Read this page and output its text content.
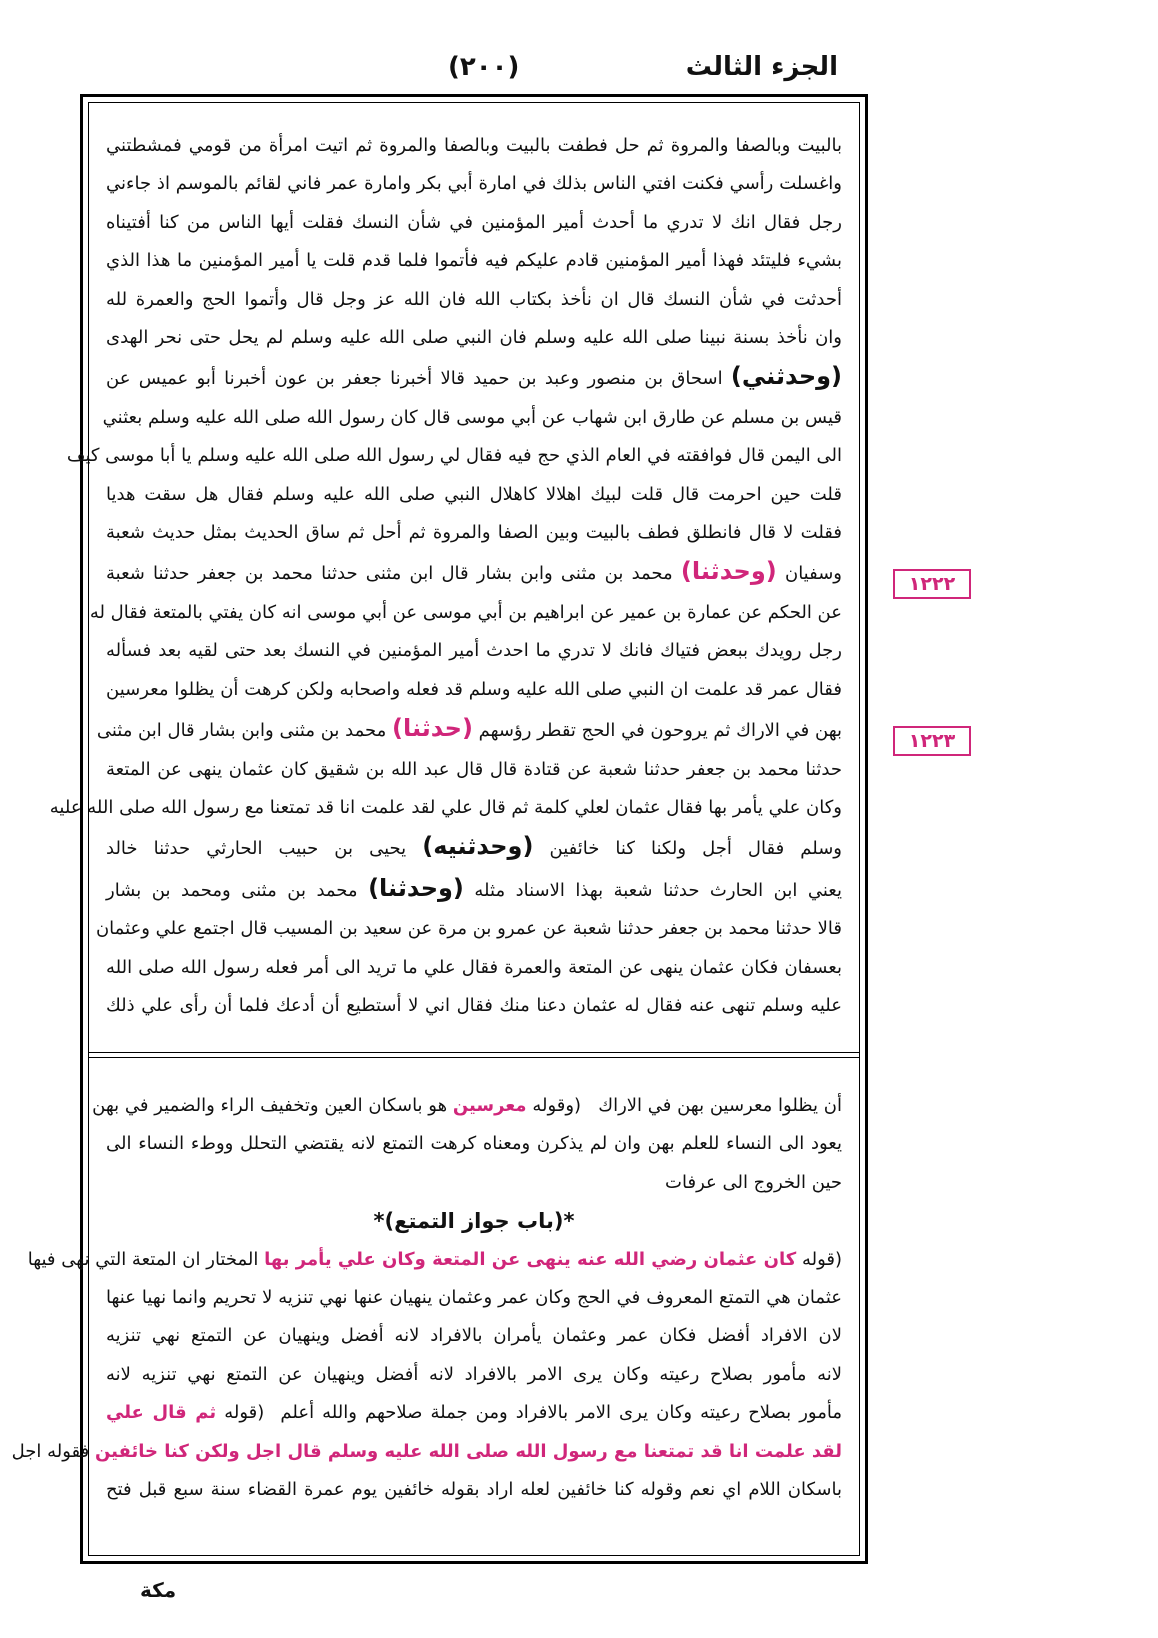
الجزء الثالث
(٢٠٠)
١٢٢٢
١٢٢٣
بالبيت وبالصفا والمروة ثم حل فطفت بالبيت وبالصفا والمروة ثم اتيت امرأة من قومي فمشطتني
واغسلت رأسي فكنت افتي الناس بذلك في امارة أبي بكر وامارة عمر فاني لقائم بالموسم اذ جاءني
رجل فقال انك لا تدري ما أحدث أمير المؤمنين في شأن النسك فقلت أيها الناس من كنا أفتيناه
بشيء فليتئد فهذا أمير المؤمنين قادم عليكم فيه فأتموا فلما قدم قلت يا أمير المؤمنين ما هذا الذي
أحدثت في شأن النسك قال ان نأخذ بكتاب الله فان الله عز وجل قال وأتموا الحج والعمرة لله
وان نأخذ بسنة نبينا صلى الله عليه وسلم فان النبي صلى الله عليه وسلم لم يحل حتى نحر الهدى
(وحدثني) اسحاق بن منصور وعبد بن حميد قالا أخبرنا جعفر بن عون أخبرنا أبو عميس عن
قيس بن مسلم عن طارق ابن شهاب عن أبي موسى قال كان رسول الله صلى الله عليه وسلم بعثني
الى اليمن قال فوافقته في العام الذي حج فيه فقال لي رسول الله صلى الله عليه وسلم يا أبا موسى كيف
قلت حين احرمت قال قلت لبيك اهلالا كاهلال النبي صلى الله عليه وسلم فقال هل سقت هديا
فقلت لا قال فانطلق فطف بالبيت وبين الصفا والمروة ثم أحل ثم ساق الحديث بمثل حديث شعبة
وسفيان (وحدثنا) محمد بن مثنى وابن بشار قال ابن مثنى حدثنا محمد بن جعفر حدثنا شعبة
عن الحكم عن عمارة بن عمير عن ابراهيم بن أبي موسى عن أبي موسى انه كان يفتي بالمتعة فقال له
رجل رويدك ببعض فتياك فانك لا تدري ما احدث أمير المؤمنين في النسك بعد حتى لقيه بعد فسأله
فقال عمر قد علمت ان النبي صلى الله عليه وسلم قد فعله واصحابه ولكن كرهت أن يظلوا معرسين
بهن في الاراك ثم يروحون في الحج تقطر رؤسهم (حدثنا) محمد بن مثنى وابن بشار قال ابن مثنى
حدثنا محمد بن جعفر حدثنا شعبة عن قتادة قال قال عبد الله بن شقيق كان عثمان ينهى عن المتعة
وكان علي يأمر بها فقال عثمان لعلي كلمة ثم قال علي لقد علمت انا قد تمتعنا مع رسول الله صلى الله عليه
وسلم فقال أجل ولكنا كنا خائفين (وحدثنيه) يحيى بن حبيب الحارثي حدثنا خالد
يعني ابن الحارث حدثنا شعبة بهذا الاسناد مثله (وحدثنا) محمد بن مثنى ومحمد بن بشار
قالا حدثنا محمد بن جعفر حدثنا شعبة عن عمرو بن مرة عن سعيد بن المسيب قال اجتمع علي وعثمان
بعسفان فكان عثمان ينهى عن المتعة والعمرة فقال علي ما تريد الى أمر فعله رسول الله صلى الله
عليه وسلم تنهى عنه فقال له عثمان دعنا منك فقال اني لا أستطيع أن أدعك فلما أن رأى علي ذلك
أن يظلوا معرسين بهن في الاراك   (وقوله معرسين هو باسكان العين وتخفيف الراء والضمير في بهن
يعود الى النساء للعلم بهن وان لم يذكرن ومعناه كرهت التمتع لانه يقتضي التحلل ووطء النساء الى
حين الخروج الى عرفات
*(باب جواز التمتع)*
(قوله كان عثمان رضي الله عنه ينهى عن المتعة وكان علي يأمر بها المختار ان المتعة التي نهى فيها
عثمان هي التمتع المعروف في الحج وكان عمر وعثمان ينهيان عنها نهي تنزيه لا تحريم وانما نهيا عنها
لان الافراد أفضل فكان عمر وعثمان يأمران بالافراد لانه أفضل وينهيان عن التمتع نهي تنزيه
لانه مأمور بصلاح رعيته وكان يرى الامر بالافراد لانه أفضل وينهيان عن التمتع نهي تنزيه لانه
مأمور بصلاح رعيته وكان يرى الامر بالافراد ومن جملة صلاحهم والله أعلم  (قوله ثم قال علي
لقد علمت انا قد تمتعنا مع رسول الله صلى الله عليه وسلم قال اجل ولكن كنا خائفين فقوله اجل
باسكان اللام اي نعم وقوله كنا خائفين لعله اراد بقوله خائفين يوم عمرة القضاء سنة سبع قبل فتح
مكة
